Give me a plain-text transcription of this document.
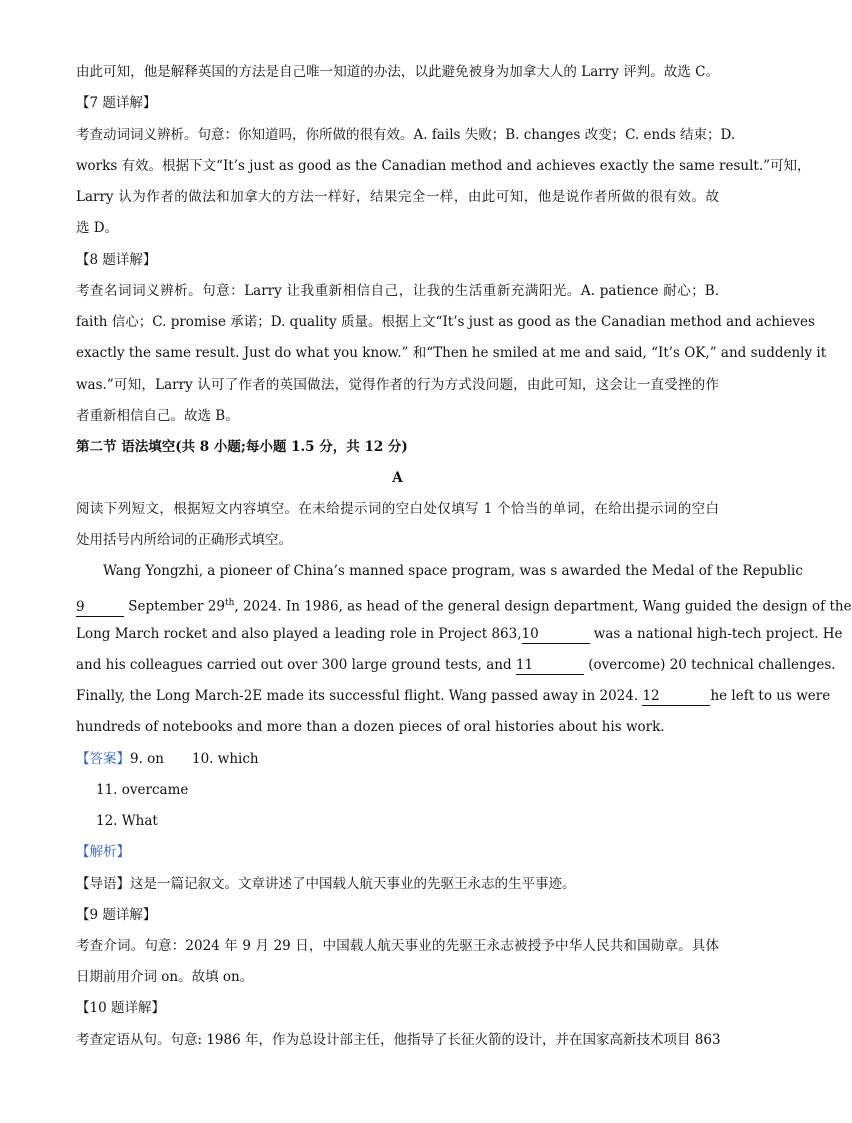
由此可知，他是解释英国的方法是自己唯一知道的办法，以此避免被身为加拿大人的 Larry 评判。故选 C。
【7 题详解】
考查动词词义辨析。句意：你知道吗，你所做的很有效。A. fails 失败；B. changes 改变；C. ends 结束；D.
works 有效。根据下文“It’s just as good as the Canadian method and achieves exactly the same result.”可知，
Larry 认为作者的做法和加拿大的方法一样好，结果完全一样，由此可知，他是说作者所做的很有效。故
选 D。
【8 题详解】
考查名词词义辨析。句意：Larry 让我重新相信自己，让我的生活重新充满阳光。A. patience 耐心；B.
faith 信心；C. promise 承诺；D. quality 质量。根据上文“It’s just as good as the Canadian method and achieves
exactly the same result. Just do what you know.” 和“Then he smiled at me and said, “It’s OK,” and suddenly it
was.”可知，Larry 认可了作者的英国做法，觉得作者的行为方式没问题，由此可知，这会让一直受挫的作
者重新相信自己。故选 B。
第二节 语法填空(共 8 小题;每小题 1.5 分，共 12 分)
A
阅读下列短文，根据短文内容填空。在未给提示词的空白处仅填写 1 个恰当的单词，在给出提示词的空白
处用括号内所给词的正确形式填空。
Wang Yongzhi, a pioneer of China’s manned space program, was s awarded the Medal of the Republic
9	September 29th, 2024. In 1986, as head of the general design department, Wang guided the design of the
Long March rocket and also played a leading role in Project 863,10	was a national high-tech project. He
and his colleagues carried out over 300 large ground tests, and 11	(overcome) 20 technical challenges.
Finally, the Long March-2E made its successful flight. Wang passed away in 2024. 12	he left to us were
hundreds of notebooks and more than a dozen pieces of oral histories about his work.
【答案】9. on 10. which
11. overcame
12. What
【解析】
【导语】这是一篇记叙文。文章讲述了中国载人航天事业的先驱王永志的生平事迹。
【9 题详解】
考查介词。句意：2024 年 9 月 29 日，中国载人航天事业的先驱王永志被授予中华人民共和国勋章。具体
日期前用介词 on。故填 on。
【10 题详解】
考查定语从句。句意: 1986 年，作为总设计部主任，他指导了长征火箭的设计，并在国家高新技术项目 863
